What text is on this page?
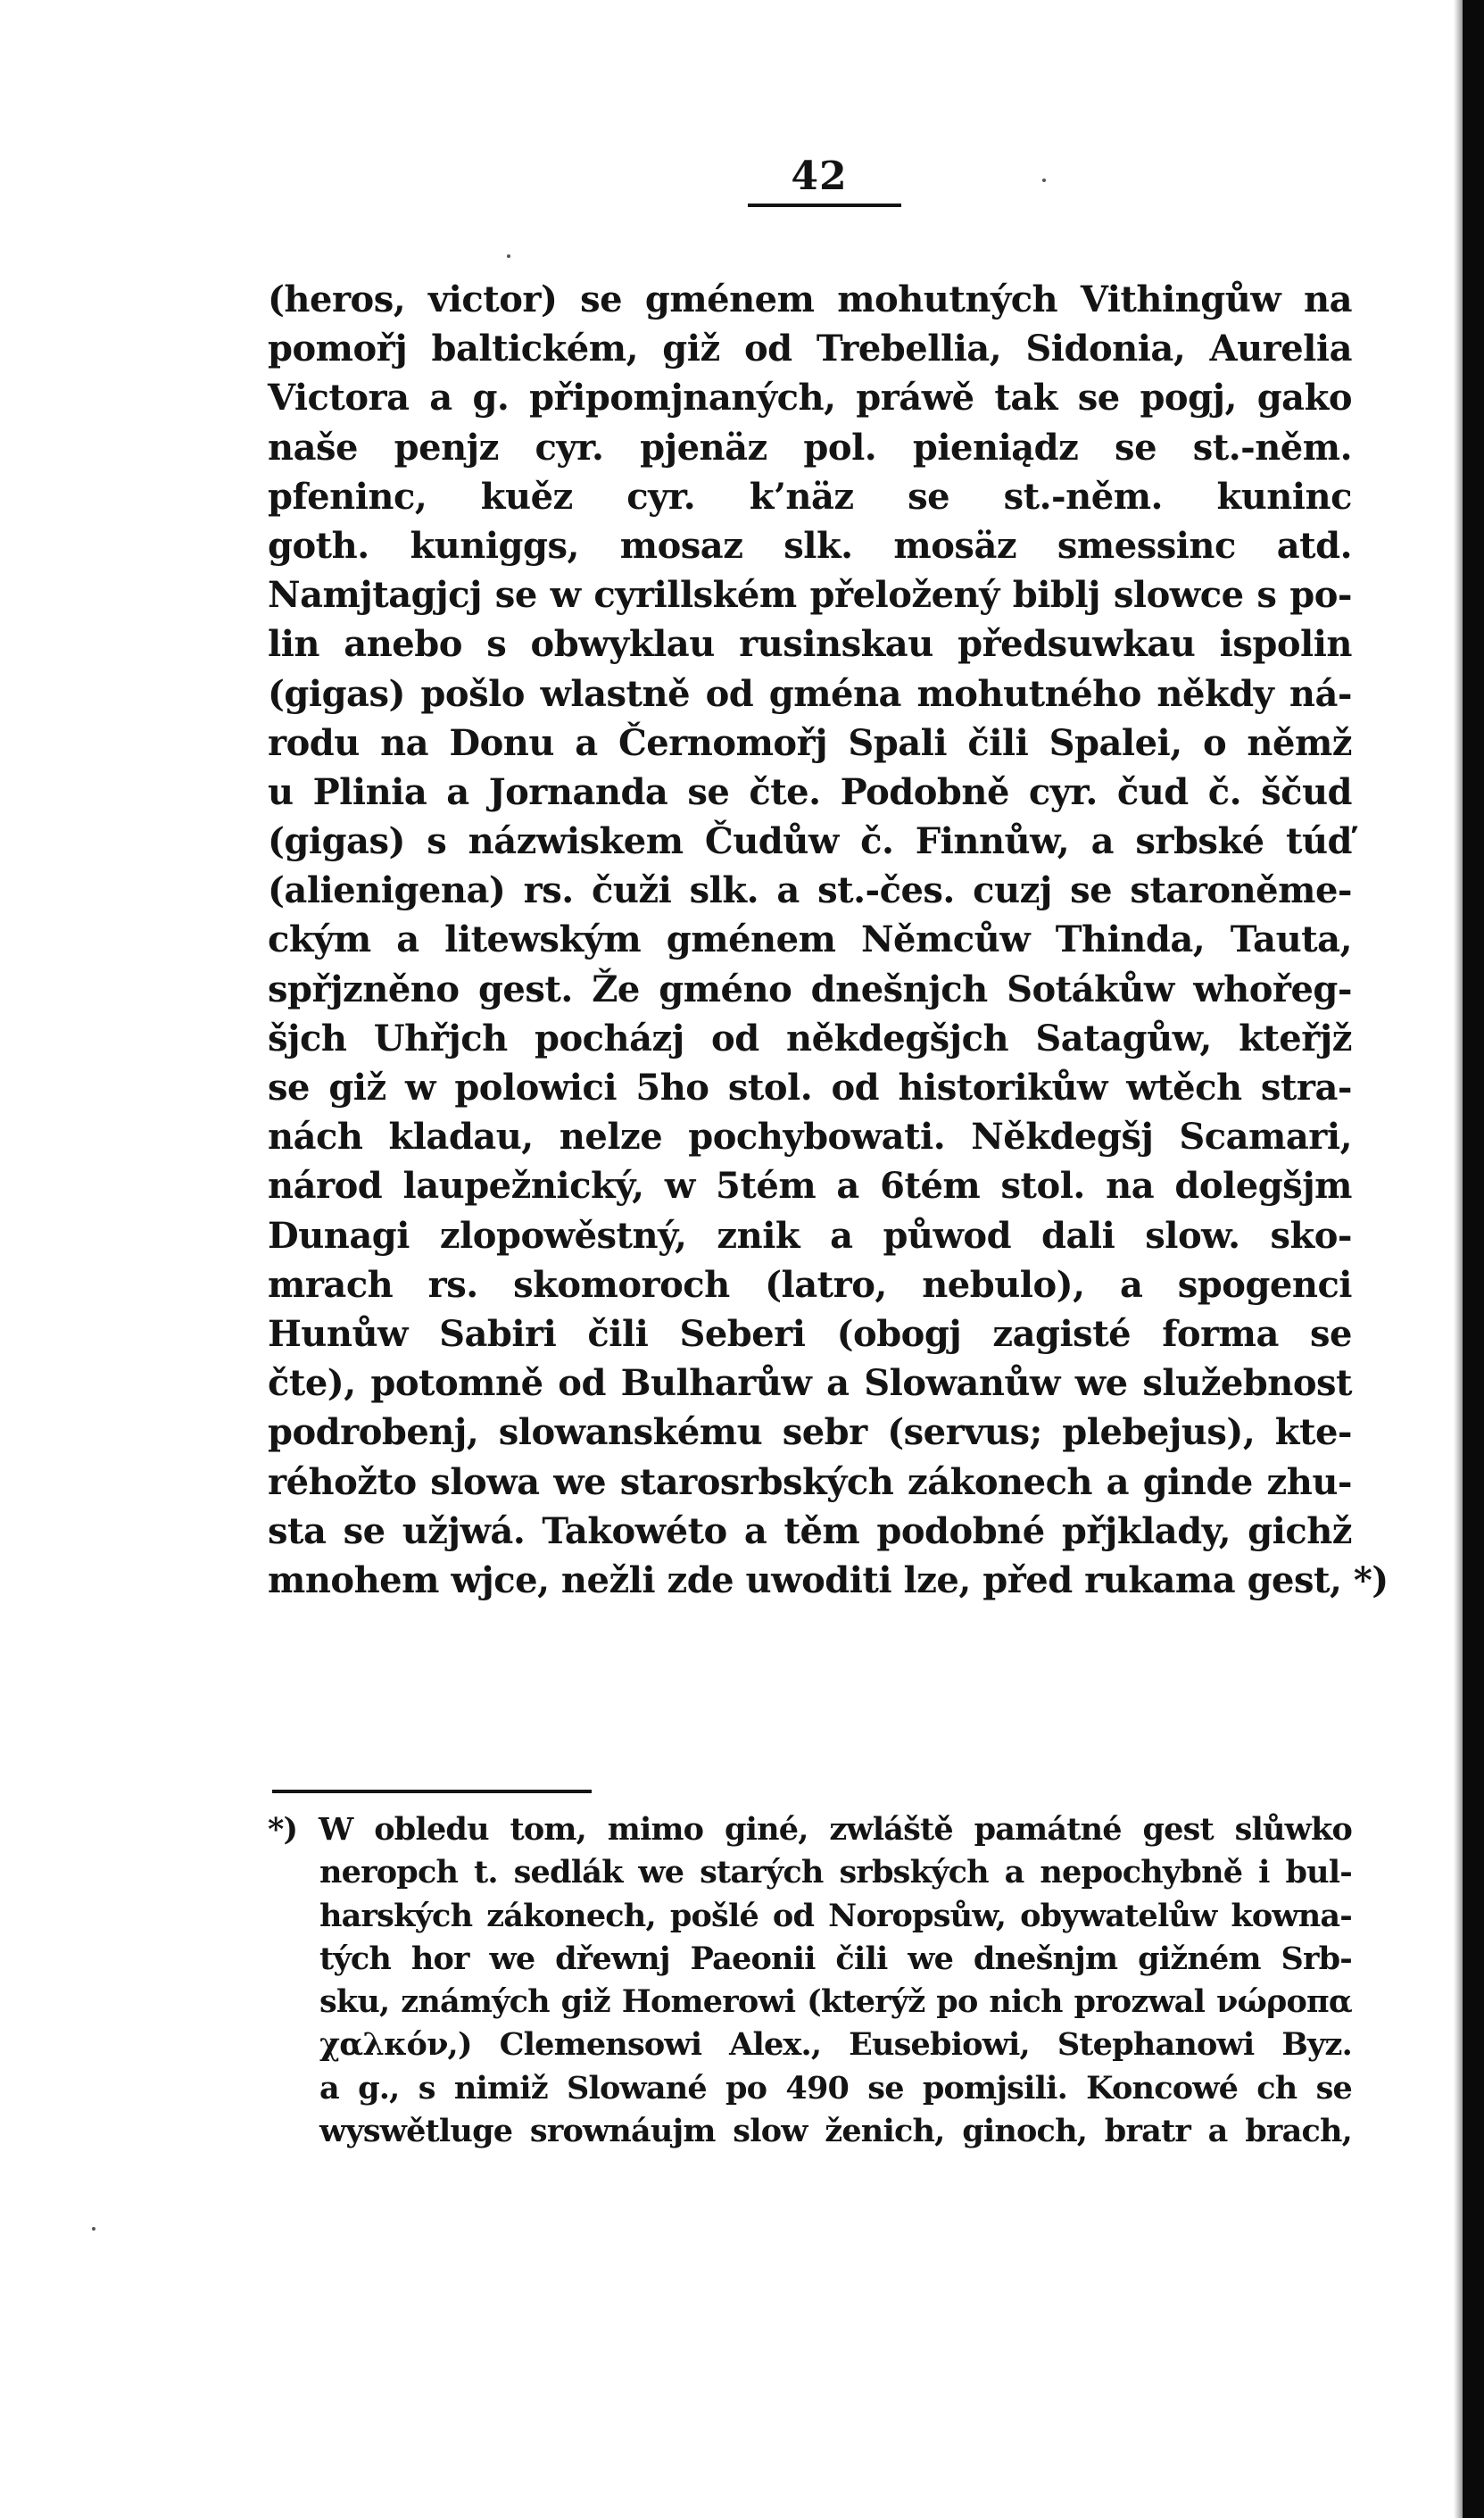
42
(heros, victor) se gménem mohutných Vithingůw na
pomořj baltickém, giž od Trebellia, Sidonia, Aurelia
Victora a g. připomjnaných, práwě tak se pogj, gako
naše penjz cyr. pjenäz pol. pieniądz se st.-něm.
pfeninc, kuěz cyr. k’näz se st.-něm. kuninc
goth. kuniggs, mosaz slk. mosäz smessinc atd.
Namjtagjcj se w cyrillském přeložený biblj slowce s po-
lin anebo s obwyklau rusinskau předsuwkau ispolin
(gigas) pošlo wlastně od gména mohutného někdy ná-
rodu na Donu a Černomořj Spali čili Spalei, o němž
u Plinia a Jornanda se čte. Podobně cyr. čud č. ščud
(gigas) s názwiskem Čudůw č. Finnůw, a srbské túď
(alienigena) rs. čuži slk. a st.-čes. cuzj se staroněme-
ckým a litewským gménem Němcůw Thinda, Tauta,
spřjzněno gest. Že gméno dnešnjch Sotákůw whořeg-
šjch Uhřjch pocházj od někdegšjch Satagůw, kteřjž
se giž w polowici 5ho stol. od historikůw wtěch stra-
nách kladau, nelze pochybowati. Někdegšj Scamari,
národ laupežnický, w 5tém a 6tém stol. na dolegšjm
Dunagi zlopowěstný, znik a půwod dali slow. sko-
mrach rs. skomoroch (latro, nebulo), a spogenci
Hunůw Sabiri čili Seberi (obogj zagisté forma se
čte), potomně od Bulharůw a Slowanůw we služebnost
podrobenj, slowanskému sebr (servus; plebejus), kte-
réhožto slowa we starosrbských zákonech a ginde zhu-
sta se užjwá. Takowéto a těm podobné přjklady, gichž
mnohem wjce, nežli zde uwoditi lze, před rukama gest, *)
*) W obledu tom, mimo giné, zwláště památné gest slůwko
neropch t. sedlák we starých srbských a nepochybně i bul-
harských zákonech, pošlé od Noropsůw, obywatelůw kowna-
tých hor we dřewnj Paeonii čili we dnešnjm gižném Srb-
sku, známých giž Homerowi (kterýž po nich prozwal νώροπα
χαλκόν,) Clemensowi Alex., Eusebiowi, Stephanowi Byz.
a g., s nimiž Slowané po 490 se pomjsili. Koncowé ch se
wyswětluge srownáujm slow ženich, ginoch, bratr a brach,
